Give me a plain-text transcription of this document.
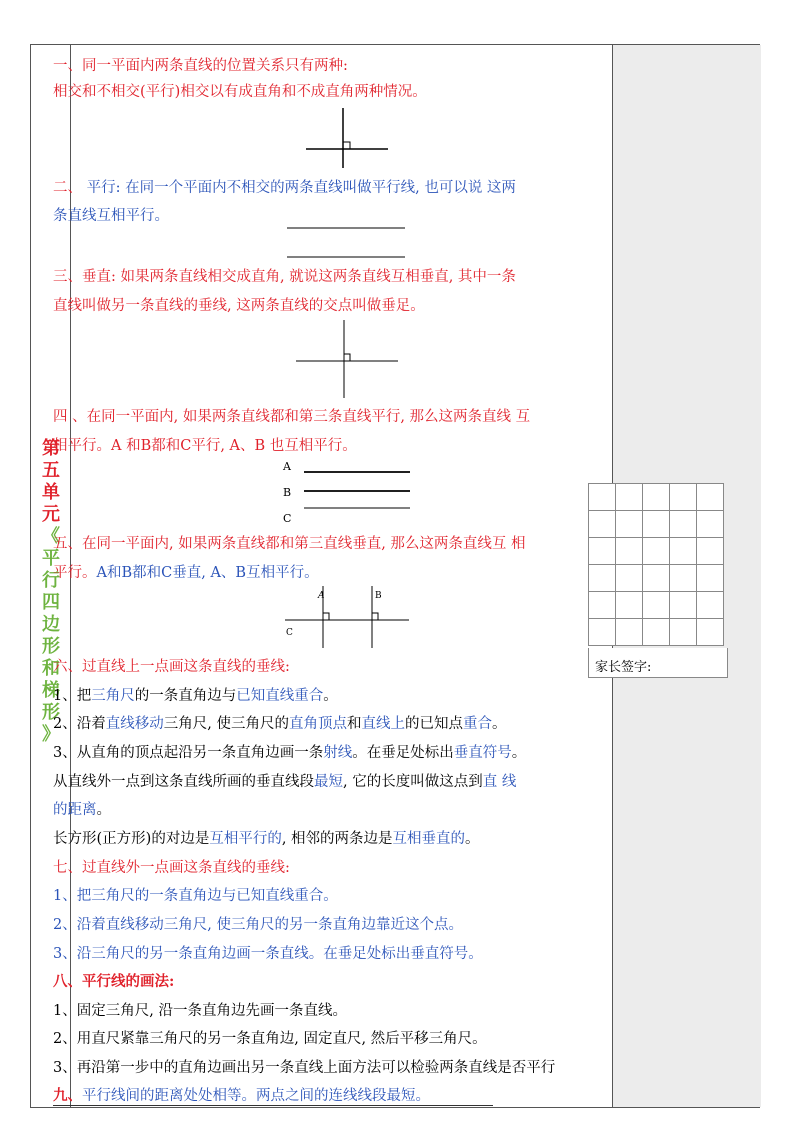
第
五
单
元
《
平
行
四
边
形
和
梯
形
》
一、同一平面内两条直线的位置关系只有两种:
相交和不相交(平行)相交以有成直角和不成直角两种情况。
二、 平行: 在同一个平面内不相交的两条直线叫做平行线, 也可以说 这两
条直线互相平行。
三、垂直: 如果两条直线相交成直角, 就说这两条直线互相垂直, 其中一条
直线叫做另一条直线的垂线, 这两条直线的交点叫做垂足。
四 、在同一平面内, 如果两条直线都和第三条直线平行, 那么这两条直线 互
相平行。A 和B都和C平行, A、B 也互相平行。
A
B
C
五、在同一平面内, 如果两条直线都和第三直线垂直, 那么这两条直线互 相
平行。A和B都和C垂直, A、B互相平行。
A	B
C
六、过直线上一点画这条直线的垂线:
1、把三角尺的一条直角边与已知直线重合。
2、沿着直线移动三角尺, 使三角尺的直角顶点和直线上的已知点重合。
3、从直角的顶点起沿另一条直角边画一条射线。在垂足处标出垂直符号。
从直线外一点到这条直线所画的垂直线段最短, 它的长度叫做这点到直 线
的距离。
长方形(正方形)的对边是互相平行的, 相邻的两条边是互相垂直的。
七、过直线外一点画这条直线的垂线:
1、把三角尺的一条直角边与已知直线重合。
2、沿着直线移动三角尺, 使三角尺的另一条直角边靠近这个点。
3、沿三角尺的另一条直角边画一条直线。在垂足处标出垂直符号。
八、平行线的画法:
1、固定三角尺, 沿一条直角边先画一条直线。
2、用直尺紧靠三角尺的另一条直角边, 固定直尺, 然后平移三角尺。
3、再沿第一步中的直角边画出另一条直线上面方法可以检验两条直线是否平行
九、平行线间的距离处处相等。两点之间的连线线段最短。

家长签字:
